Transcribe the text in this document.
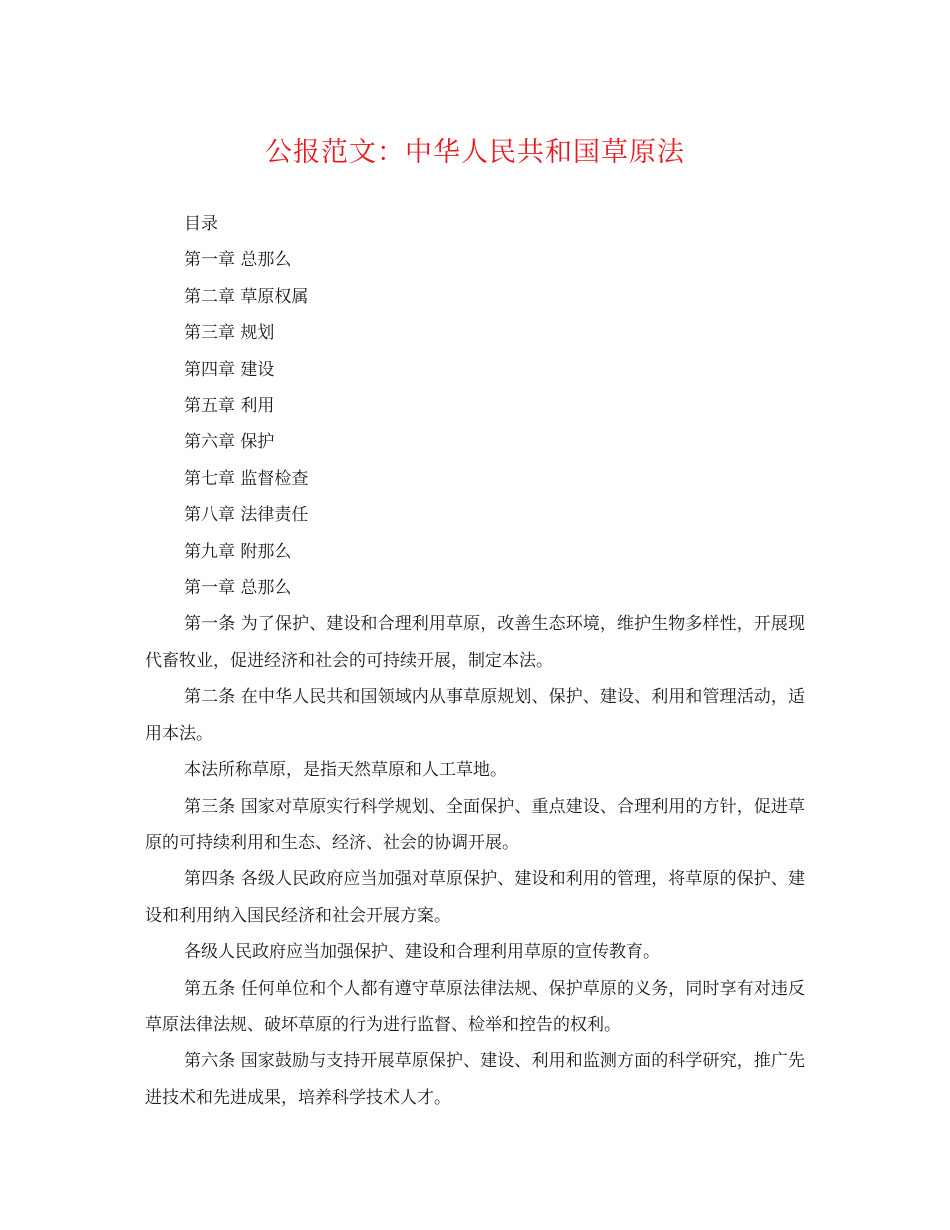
公报范文：中华人民共和国草原法

目录

第一章 总那么

第二章 草原权属

第三章 规划

第四章 建设

第五章 利用

第六章 保护

第七章 监督检查

第八章 法律责任

第九章 附那么

第一章 总那么

第一条 为了保护、建设和合理利用草原，改善生态环境，维护生物多样性，开展现代畜牧业，促进经济和社会的可持续开展，制定本法。

第二条 在中华人民共和国领域内从事草原规划、保护、建设、利用和管理活动，适用本法。

本法所称草原，是指天然草原和人工草地。

第三条 国家对草原实行科学规划、全面保护、重点建设、合理利用的方针，促进草原的可持续利用和生态、经济、社会的协调开展。

第四条 各级人民政府应当加强对草原保护、建设和利用的管理，将草原的保护、建设和利用纳入国民经济和社会开展方案。

各级人民政府应当加强保护、建设和合理利用草原的宣传教育。

第五条 任何单位和个人都有遵守草原法律法规、保护草原的义务，同时享有对违反草原法律法规、破坏草原的行为进行监督、检举和控告的权利。

第六条 国家鼓励与支持开展草原保护、建设、利用和监测方面的科学研究，推广先进技术和先进成果，培养科学技术人才。
